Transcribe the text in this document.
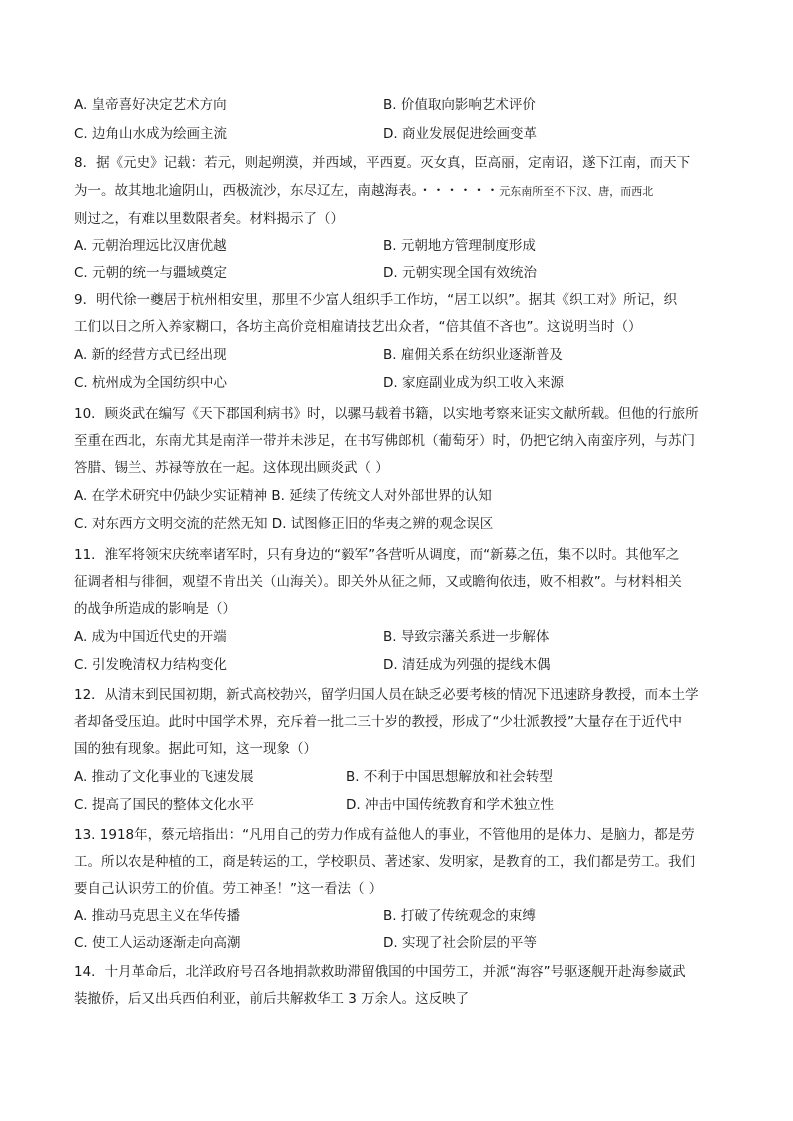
A. 皇帝喜好决定艺术方向	B. 价值取向影响艺术评价
C. 边角山水成为绘画主流	D. 商业发展促进绘画变革
8．据《元史》记载：若元，则起朔漠，并西域，平西夏。灭女真，臣高丽，定南诏，遂下江南，而天下
为一。故其地北逾阴山，西极流沙，东尽辽左，南越海表。・・・・・・元东南所至不下汉、唐，而西北
则过之，有难以里数限者矣。材料揭示了（）
A. 元朝治理远比汉唐优越	B. 元朝地方管理制度形成
C. 元朝的统一与疆域奠定	D. 元朝实现全国有效统治
9．明代徐一夔居于杭州相安里，那里不少富人组织手工作坊，“居工以织”。据其《织工对》所记，织
工们以日之所入养家糊口，各坊主高价竞相雇请技艺出众者，“倍其值不吝也”。这说明当时（）
A. 新的经营方式已经出现	B. 雇佣关系在纺织业逐渐普及
C. 杭州成为全国纺织中心	D. 家庭副业成为织工收入来源
10．顾炎武在编写《天下郡国利病书》时，以骡马载着书籍，以实地考察来证实文献所载。但他的行旅所
至重在西北，东南尤其是南洋一带并未涉足，在书写佛郎机（葡萄牙）时，仍把它纳入南蛮序列，与苏门
答腊、锡兰、苏禄等放在一起。这体现出顾炎武（ ）
A. 在学术研究中仍缺少实证精神 B. 延续了传统文人对外部世界的认知
C. 对东西方文明交流的茫然无知 D. 试图修正旧的华夷之辨的观念误区
11．淮军将领宋庆统率诸军时，只有身边的“毅军”各营听从调度，而“新募之伍，集不以时。其他军之
征调者相与徘徊，观望不肯出关（山海关）。即关外从征之师，又或瞻徇依违，败不相救”。与材料相关
的战争所造成的影响是（）
A. 成为中国近代史的开端	B. 导致宗藩关系进一步解体
C. 引发晚清权力结构变化	D. 清廷成为列强的提线木偶
12．从清末到民国初期，新式高校勃兴，留学归国人员在缺乏必要考核的情况下迅速跻身教授，而本土学
者却备受压迫。此时中国学术界，充斥着一批二三十岁的教授，形成了“少壮派教授”大量存在于近代中
国的独有现象。据此可知，这一现象（）
A. 推动了文化事业的飞速发展	B. 不利于中国思想解放和社会转型
C. 提高了国民的整体文化水平	D. 冲击中国传统教育和学术独立性
13. 1918年，蔡元培指出：“凡用自己的劳力作成有益他人的事业，不管他用的是体力、是脑力，都是劳
工。所以农是种植的工，商是转运的工，学校职员、著述家、发明家，是教育的工，我们都是劳工。我们
要自己认识劳工的价值。劳工神圣！”这一看法（ ）
A. 推动马克思主义在华传播	B. 打破了传统观念的束缚
C. 使工人运动逐渐走向高潮	D. 实现了社会阶层的平等
14．十月革命后，北洋政府号召各地捐款救助滞留俄国的中国劳工，并派“海容”号驱逐舰开赴海参崴武
装撤侨，后又出兵西伯利亚，前后共解救华工 3 万余人。这反映了
